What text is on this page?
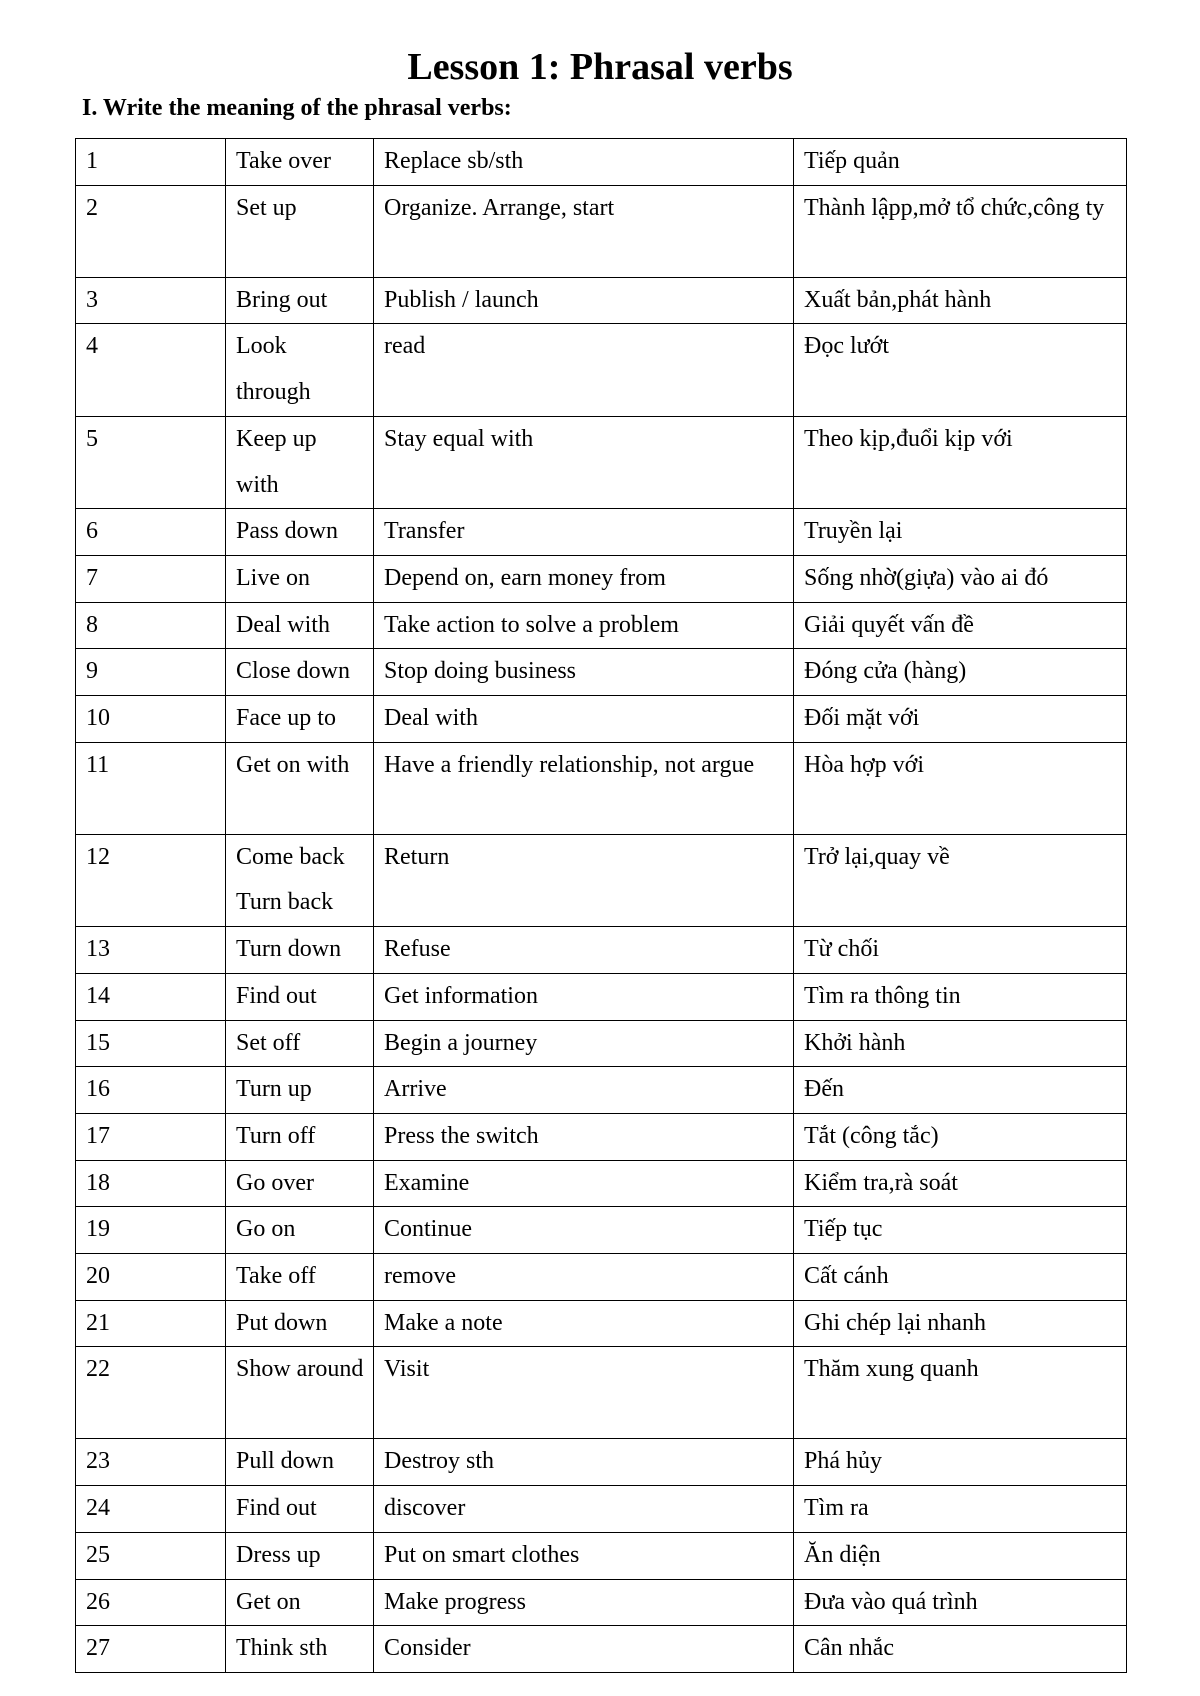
Lesson 1: Phrasal verbs

I. Write the meaning of the phrasal verbs:

1	Take over	Replace sb/sth	Tiếp quản
2	Set up	Organize. Arrange, start	Thành lậpp,mở tổ chức,công ty
3	Bring out	Publish / launch	Xuất bản,phát hành
4	Look through	read	Đọc lướt
5	Keep up with	Stay equal with	Theo kịp,đuổi kịp với
6	Pass down	Transfer	Truyền lại
7	Live on	Depend on, earn money from	Sống nhờ(giựa) vào ai đó
8	Deal with	Take action to solve a problem	Giải quyết vấn đề
9	Close down	Stop doing business	Đóng cửa (hàng)
10	Face up to	Deal with	Đối mặt với
11	Get on with	Have a friendly relationship, not argue	Hòa hợp với
12	Come back Turn back	Return	Trở lại,quay về
13	Turn down	Refuse	Từ chối
14	Find out	Get information	Tìm ra thông tin
15	Set off	Begin a journey	Khởi hành
16	Turn up	Arrive	Đến
17	Turn off	Press the switch	Tắt (công tắc)
18	Go over	Examine	Kiểm tra,rà soát
19	Go on	Continue	Tiếp tục
20	Take off	remove	Cất cánh
21	Put down	Make a note	Ghi chép lại nhanh
22	Show around	Visit	Thăm xung quanh
23	Pull down	Destroy sth	Phá hủy
24	Find out	discover	Tìm ra
25	Dress up	Put on smart clothes	Ăn diện
26	Get on	Make progress	Đưa vào quá trình
27	Think sth	Consider	Cân nhắc
